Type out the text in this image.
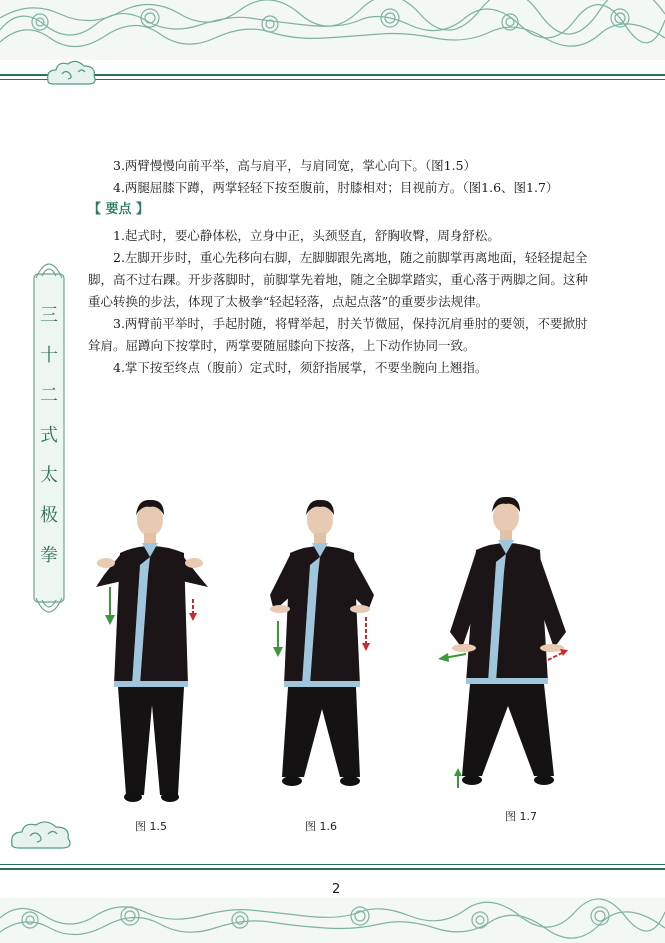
3.两臂慢慢向前平举，高与肩平，与肩同宽，掌心向下。（图1.5）

4.两腿屈膝下蹲，两掌轻轻下按至腹前，肘膝相对；目视前方。（图1.6、图1.7）

【 要点 】

1.起式时，要心静体松，立身中正，头颈竖直，舒胸收臀，周身舒松。

2.左脚开步时，重心先移向右脚，左脚脚跟先离地，随之前脚掌再离地面，轻轻提起全脚，高不过右踝。开步落脚时，前脚掌先着地，随之全脚掌踏实，重心落于两脚之间。这种重心转换的步法，体现了太极拳“轻起轻落，点起点落”的重要步法规律。

3.两臂前平举时，手起肘随，将臂举起，肘关节微屈，保持沉肩垂肘的要领，不要掀肘耸肩。屈蹲向下按掌时，两掌要随屈膝向下按落，上下动作协同一致。

4.掌下按至终点（腹前）定式时，须舒指展掌，不要坐腕向上翘指。

三
十
二
式
太
极
拳
图 1.5	图 1.6
图 1.7
2
